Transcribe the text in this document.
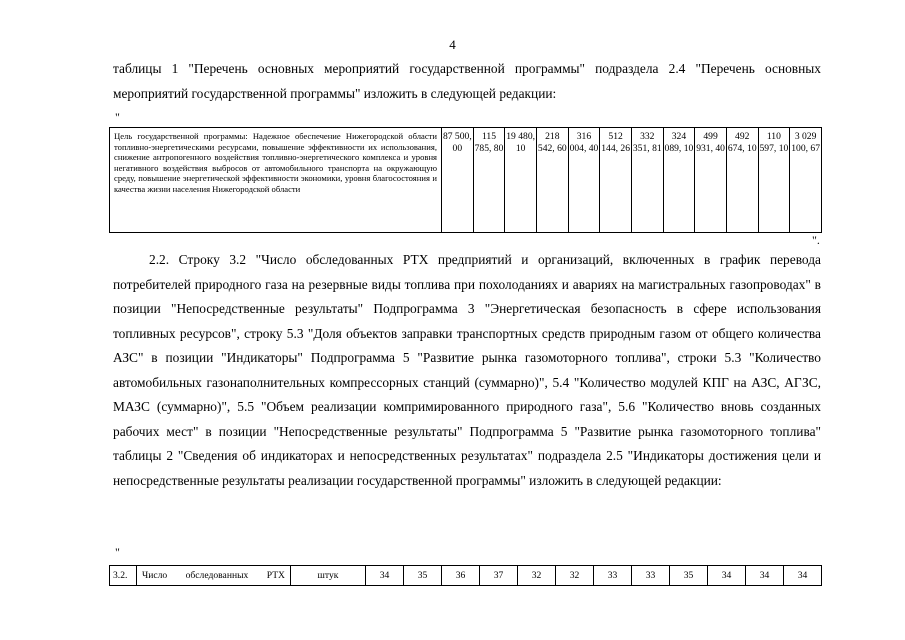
4
таблицы 1 "Перечень основных мероприятий государственной программы" подраздела 2.4 "Перечень основных мероприятий государственной программы" изложить в следующей редакции:
"
Цель государственной программы: Надежное обеспечение Нижегородской области топливно-энергетическими ресурсами, повышение эффективности их использования, снижение антропогенного воздействия топливно-энергетического комплекса и уровня негативного воздействия выбросов от автомобильного транспорта на окружающую среду, повышение энергетической эффективности экономики, уровня благосостояния и качества жизни населения Нижегородской области	87 500, 00	115 785, 80	19 480, 10	218 542, 60	316 004, 40	512 144, 26	332 351, 81	324 089, 10	499 931, 40	492 674, 10	110 597, 10	3 029 100, 67
".
2.2. Строку 3.2 "Число обследованных РТХ предприятий и организаций, включенных в график перевода потребителей природного газа на резервные виды топлива при похолоданиях и авариях на магистральных газопроводах" в позиции "Непосредственные результаты" Подпрограмма 3 "Энергетическая безопасность в сфере использования топливных ресурсов", строку 5.3 "Доля объектов заправки транспортных средств природным газом от общего количества АЗС" в позиции "Индикаторы" Подпрограмма 5 "Развитие рынка газомоторного топлива", строки 5.3 "Количество автомобильных газонаполнительных компрессорных станций (суммарно)", 5.4 "Количество модулей КПГ на АЗС, АГЗС, МАЗС (суммарно)", 5.5 "Объем реализации компримированного природного газа", 5.6 "Количество вновь созданных рабочих мест" в позиции "Непосредственные результаты" Подпрограмма 5 "Развитие рынка газомоторного топлива" таблицы 2 "Сведения об индикаторах и непосредственных результатах" подраздела 2.5 "Индикаторы достижения цели и непосредственные результаты реализации государственной программы" изложить в следующей редакции:
"
3.2.	Число обследованных РТХ	штук	34	35	36	37	32	32	33	33	35	34	34	34
